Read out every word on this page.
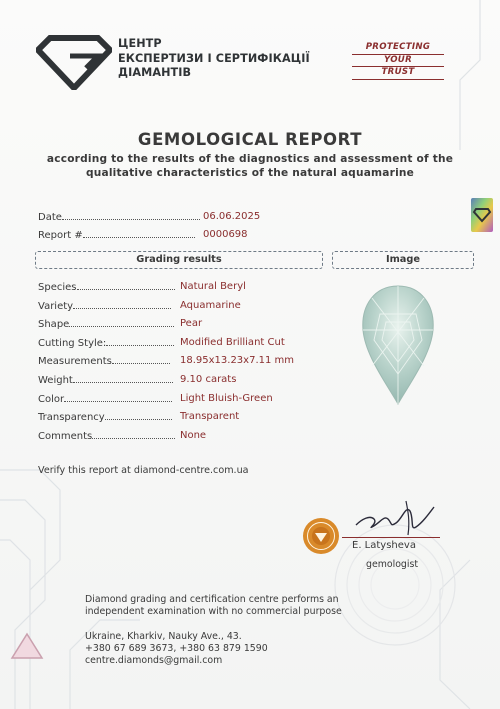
ЦЕНТР
ЕКСПЕРТИЗИ І СЕРТИФІКАЦІЇ
ДІАМАНТІВ
PROTECTING
YOUR
TRUST
GEMOLOGICAL REPORT
according to the results of the diagnostics and assessment of the
qualitative characteristics of the natural aquamarine
Date	06.06.2025
Report #	0000698
Grading results	Image
Species	Natural Beryl
Variety	Aquamarine
Shape	Pear
Cutting Style:	Modified Brilliant Cut
Measurements	18.95x13.23x7.11 mm
Weight	9.10 carats
Color	Light Bluish-Green
Transparency	Transparent
Comments	None
Verify this report at diamond-centre.com.ua
E. Latysheva
gemologist
Diamond grading and certification centre performs an
independent examination with no commercial purpose
Ukraine, Kharkiv, Nauky Ave., 43.
+380 67 689 3673, +380 63 879 1590
centre.diamonds@gmail.com
